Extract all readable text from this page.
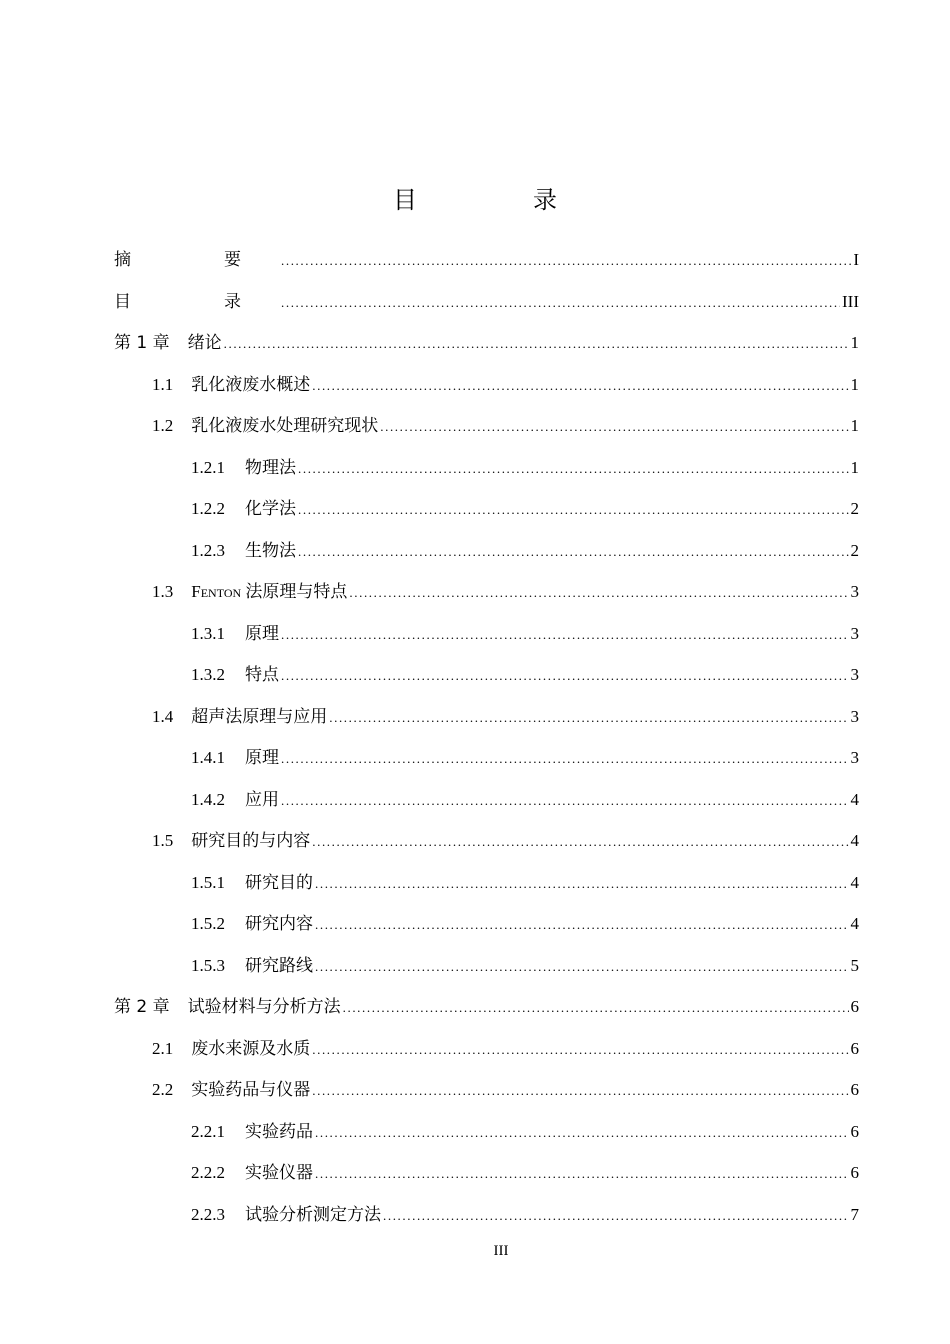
目　录
摘　要 .....	I
目　录 .....	III
第 1 章 绪论 .....	1
1.1 乳化液废水概述 .....	1
1.2 乳化液废水处理研究现状 .....	1
1.2.1 物理法 .....	1
1.2.2 化学法 .....	2
1.2.3 生物法 .....	2
1.3 Fenton 法原理与特点 .....	3
1.3.1 原理 .....	3
1.3.2 特点 .....	3
1.4 超声法原理与应用 .....	3
1.4.1 原理 .....	3
1.4.2 应用 .....	4
1.5 研究目的与内容 .....	4
1.5.1 研究目的 .....	4
1.5.2 研究内容 .....	4
1.5.3 研究路线 .....	5
第 2 章 试验材料与分析方法 .....	6
2.1 废水来源及水质 .....	6
2.2 实验药品与仪器 .....	6
2.2.1 实验药品 .....	6
2.2.2 实验仪器 .....	6
2.2.3 试验分析测定方法 .....	7
III
